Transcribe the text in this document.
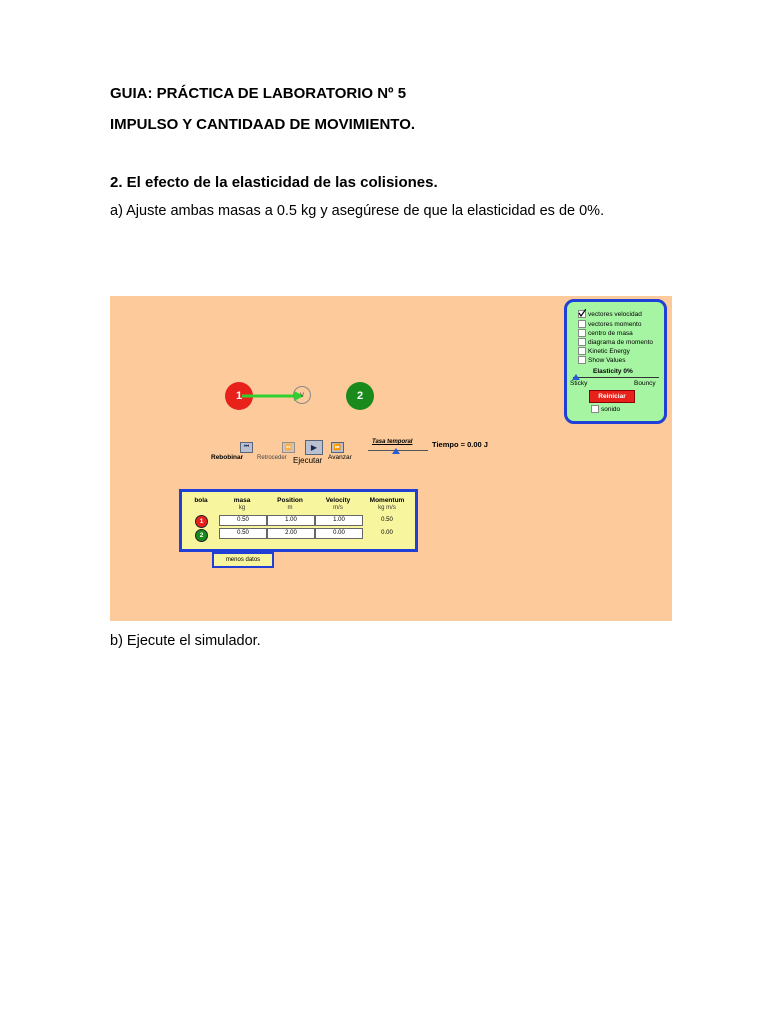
GUIA: PRÁCTICA DE LABORATORIO Nº 5
IMPULSO Y CANTIDAAD DE MOVIMIENTO.
2. El efecto de la elasticidad de las colisiones.
a) Ajuste ambas masas a 0.5 kg y asegúrese de que la elasticidad es de 0%.
1	v	2
vectores velocidad
vectores momento
centro de masa
diagrama de momento
Kinetic Energy
Show Values
Elasticity 0%
Sticky	Bouncy
Reiniciar
sonido
⏮	⏪ ▶	⏩
Rebobinar Retroceder Ejecutar Avanzar
Tasa temporal	Tiempo = 0.00 J
bola	masa	Position	Velocity	Momentum
kg	m	m/s	kg m/s
1	0.50	1.00	1.00	0.50
2	0.50	2.00	0.00	0.00
menos datos
b) Ejecute el simulador.
